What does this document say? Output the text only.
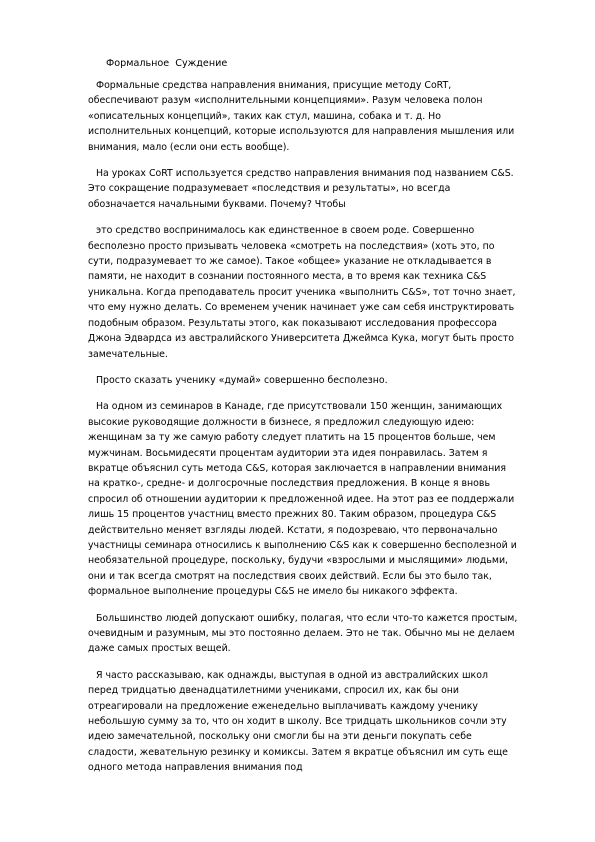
Формальное  Суждение

Формальные средства направления внимания, присущие методу CoRT, обеспечивают разум «исполнительными концепциями». Разум человека полон «описательных концепций», таких как стул, машина, собака и т. д. Но исполнительных концепций, которые используются для направления мышления или внимания, мало (если они есть вообще).

На уроках CoRT используется средство направления внимания под названием C&S. Это сокращение подразумевает «последствия и результаты», но всегда обозначается начальными буквами. Почему? Чтобы

это средство воспринималось как единственное в своем роде. Совершенно бесполезно просто призывать человека «смотреть на последствия» (хоть это, по сути, подразумевает то же самое). Такое «общее» указание не откладывается в памяти, не находит в сознании постоянного места, в то время как техника C&S уникальна. Когда преподаватель просит ученика «выполнить C&S», тот точно знает, что ему нужно делать. Со временем ученик начинает уже сам себя инструктировать подобным образом. Результаты этого, как показывают исследования профессора Джона Эдвардса из австралийского Университета Джеймса Кука, могут быть просто замечательные.

Просто сказать ученику «думай» совершенно бесполезно.

На одном из семинаров в Канаде, где присутствовали 150 женщин, занимающих высокие руководящие должности в бизнесе, я предложил следующую идею: женщинам за ту же самую работу следует платить на 15 процентов больше, чем мужчинам. Восьмидесяти процентам аудитории эта идея понравилась. Затем я вкратце объяснил суть метода C&S, которая заключается в направлении внимания на кратко-, средне- и долгосрочные последствия предложения. В конце я вновь спросил об отношении аудитории к предложенной идее. На этот раз ее поддержали лишь 15 процентов участниц вместо прежних 80. Таким образом, процедура C&S действительно меняет взгляды людей. Кстати, я подозреваю, что первоначально участницы семинара относились к выполнению C&S как к совершенно бесполезной и необязательной процедуре, поскольку, будучи «взрослыми и мыслящими» людьми, они и так всегда смотрят на последствия своих действий. Если бы это было так, формальное выполнение процедуры C&S не имело бы никакого эффекта.

Большинство людей допускают ошибку, полагая, что если что-то кажется простым, очевидным и разумным, мы это постоянно делаем. Это не так. Обычно мы не делаем даже самых простых вещей.

Я часто рассказываю, как однажды, выступая в одной из австралийских школ перед тридцатью двенадцатилетними учениками, спросил их, как бы они отреагировали на предложение еженедельно выплачивать каждому ученику небольшую сумму за то, что он ходит в школу. Все тридцать школьников сочли эту идею замечательной, поскольку они смогли бы на эти деньги покупать себе сладости, жевательную резинку и комиксы. Затем я вкратце объяснил им суть еще одного метода направления внимания под
